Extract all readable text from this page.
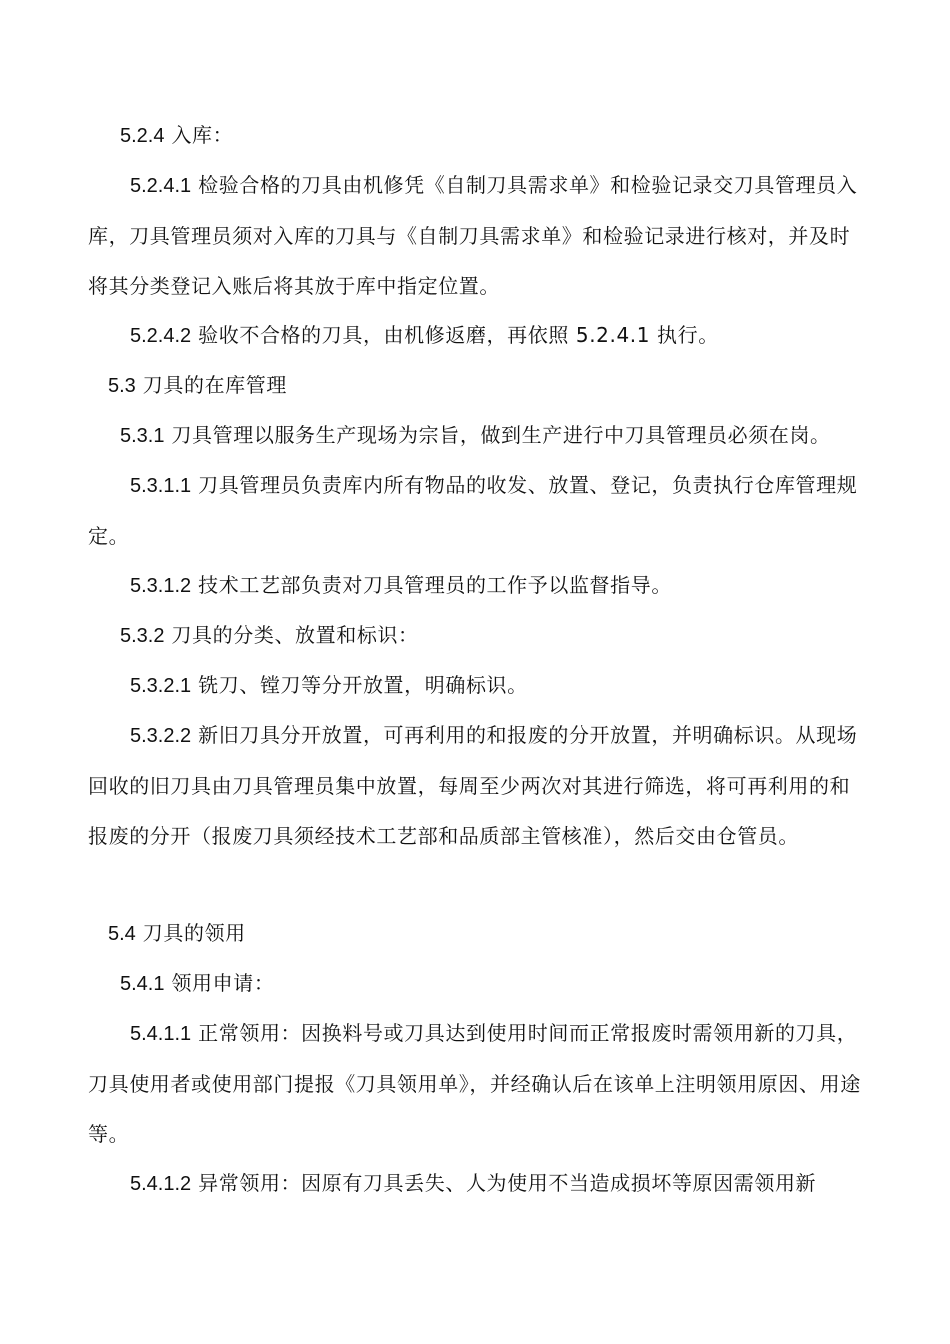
5.2.4 入库：

5.2.4.1 检验合格的刀具由机修凭《自制刀具需求单》和检验记录交刀具管理员入库，刀具管理员须对入库的刀具与《自制刀具需求单》和检验记录进行核对，并及时将其分类登记入账后将其放于库中指定位置。

5.2.4.2 验收不合格的刀具，由机修返磨，再依照 5.2.4.1 执行。

5.3 刀具的在库管理

5.3.1 刀具管理以服务生产现场为宗旨，做到生产进行中刀具管理员必须在岗。

5.3.1.1 刀具管理员负责库内所有物品的收发、放置、登记，负责执行仓库管理规定。

5.3.1.2 技术工艺部负责对刀具管理员的工作予以监督指导。

5.3.2 刀具的分类、放置和标识：

5.3.2.1 铣刀、镗刀等分开放置，明确标识。

5.3.2.2 新旧刀具分开放置，可再利用的和报废的分开放置，并明确标识。从现场回收的旧刀具由刀具管理员集中放置，每周至少两次对其进行筛选，将可再利用的和报废的分开（报废刀具须经技术工艺部和品质部主管核准），然后交由仓管员。

5.4 刀具的领用

5.4.1 领用申请：

5.4.1.1 正常领用：因换料号或刀具达到使用时间而正常报废时需领用新的刀具，刀具使用者或使用部门提报《刀具领用单》，并经确认后在该单上注明领用原因、用途等。

5.4.1.2 异常领用：因原有刀具丢失、人为使用不当造成损坏等原因需领用新
